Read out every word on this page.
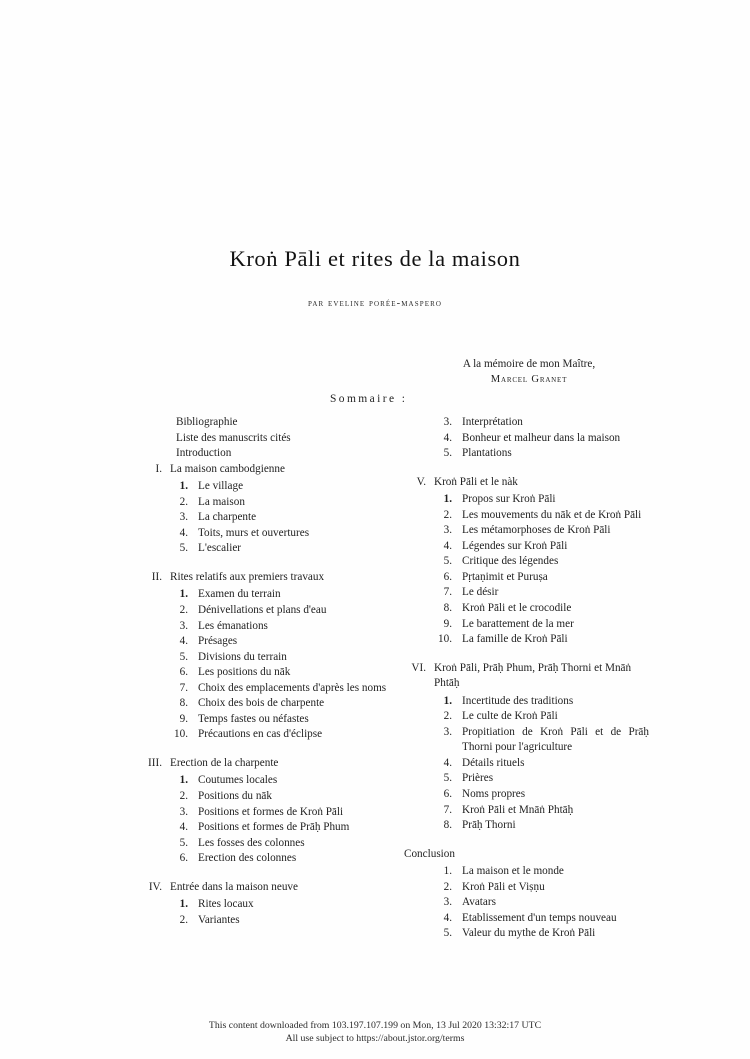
Kroṅ Pāli et rites de la maison
par eveline porée-maspero
A la mémoire de mon Maître,
Marcel Granet
Sommaire :
Bibliographie
Liste des manuscrits cités
Introduction
I. La maison cambodgienne
1. Le village
2. La maison
3. La charpente
4. Toits, murs et ouvertures
5. L'escalier
II. Rites relatifs aux premiers travaux
1. Examen du terrain
2. Dénivellations et plans d'eau
3. Les émanations
4. Présages
5. Divisions du terrain
6. Les positions du nāk
7. Choix des emplacements d'après les noms
8. Choix des bois de charpente
9. Temps fastes ou néfastes
10. Précautions en cas d'éclipse
III. Erection de la charpente
1. Coutumes locales
2. Positions du nāk
3. Positions et formes de Kroṅ Pāli
4. Positions et formes de Prāḥ Phum
5. Les fosses des colonnes
6. Erection des colonnes
IV. Entrée dans la maison neuve
1. Rites locaux
2. Variantes
3. Interprétation
4. Bonheur et malheur dans la maison
5. Plantations
V. Kroṅ Pāli et le nàk
1. Propos sur Kroṅ Pāli
2. Les mouvements du nāk et de Kroṅ Pāli
3. Les métamorphoses de Kroṅ Pāli
4. Légendes sur Kroṅ Pāli
5. Critique des légendes
6. Pṛtaṇimit et Puruṣa
7. Le désir
8. Kroṅ Pāli et le crocodile
9. Le barattement de la mer
10. La famille de Kroṅ Pāli
VI. Kroṅ Pāli, Prāḥ Phum, Prāḥ Thorni et Mnāṅ Phtāḥ
1. Incertitude des traditions
2. Le culte de Kroṅ Pāli
3. Propitiation de Kroṅ Pāli et de Prāḥ Thorni pour l'agriculture
4. Détails rituels
5. Prières
6. Noms propres
7. Kroṅ Pāli et Mnāṅ Phtāḥ
8. Prāḥ Thorni
Conclusion
1. La maison et le monde
2. Kroṅ Pāli et Viṣṇu
3. Avatars
4. Etablissement d'un temps nouveau
5. Valeur du mythe de Kroṅ Pāli
This content downloaded from 103.197.107.199 on Mon, 13 Jul 2020 13:32:17 UTC
All use subject to https://about.jstor.org/terms
